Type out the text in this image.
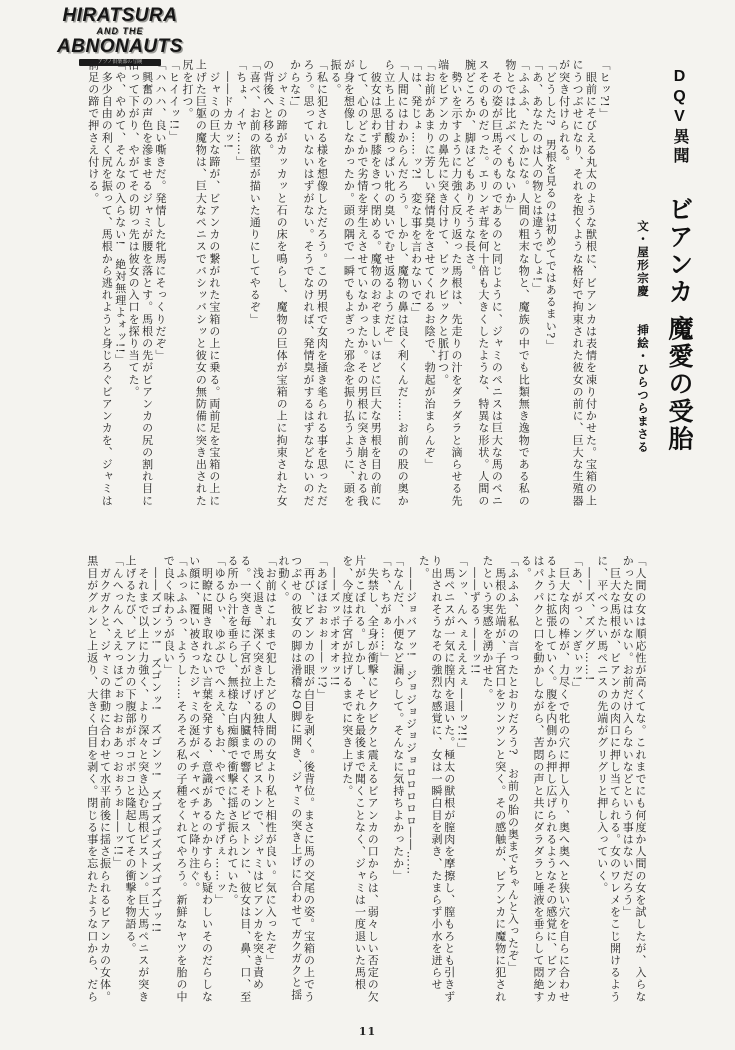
HIRATSURA
AND THE
ABNONAUTS
アブノ倶楽部の冒険

DQV異聞 ビアンカ 魔愛の受胎

文・屋形宗慶　　挿絵・ひらつらまさる

「ヒッ?!」

　眼前にそびえる丸太のような獣根に、ビアンカは表情を凍り付かせた。宝箱の上

にうつぶせになり、それを抱くような格好で拘束された彼女の前に、巨大な生殖器

が突き付けられる。

「どうした?　男根を見るのは初めてではあるまい?」

「あ、あなたのは人の物とは違うでしょ!」

「ふふふ、たしかにな。人間の粗末な物と、魔族の中でも比類無き逸物である私の

物とでは比ぶべくもないか」

　その姿が巨馬そのものであるのと同じように、ジャミのペニスは巨大な馬のペニ

スそのものだった。エリンギ茸を何十倍も大きくしたような、特異な形状。人間の

腕どころか、脚ほどもありそうな長さ。

　勢いを示すように力強く反り返った馬根は、先走りの汁をダラダラと滴らせる先

端をビアンカの鼻先に突き付けて、ビックビックと脈打つ。

「お前があまりに芳しい発情臭をさせてくれるお陰で、勃起が治まらんぞ」

「は、発じょ……ッ?!　変な事を言わないで!」

「人間にはわからんだろう。しかし、魔物の鼻は良く利くんだ……お前の股の奥か

ら立ち上る甘酸っぱい牝の臭いでむせ返るようだぞ」

　彼女は思わず膝をきつく閉める。魔物のおぞましいほどに巨大な男根を目の前に

して、心のどこかで劣情を芽生えさせていなかったか。その男根に突き崩される我

が身を想像しなかったか。頭の隅で一瞬でもよぎった邪念を振り払うように、頭を

振る。

「私に犯される様を想像しただろう。この男根で女肉を掻き毟られる事を思っただ

ろう。思っていないはずがない。そうでなければ、発情臭がするはずなどないのだ

からな!」

　ジャミの蹄がカッカッと石の床を鳴らし、魔物の巨体が宝箱の上に拘束された女

の背後へと移る。

「喜べ、お前の欲望が描いた通りにしてやるぞ」

「ちょ、イヤ……」

　――ドカカッ!

　ジャミの巨大な蹄が、ビアンカの繋がれた宝箱の上に乗る。両前足を宝箱の上に

上げた巨躯の魔物は、巨大なペニスでバシッバシッと彼女の無防備に突き出された

尻を打つ。

「ヒイイッ!!」

「ハハハ、良い嘶きだ。発情した牝馬にそっくりだぞ」

　興奮の声色を滲ませるジャミが腰を落とす。馬根の先がビアンカの尻の割れ目に

沿って下がり、やがてその切っ先は彼女の入口を探り当てた。

「や、やめて、そんなの入らない!　絶対無理よォッ!!」

　多少自由の利く尻を振って、馬根から逃れようと身じろぐビアンカを、ジャミは

前足の蹄で押さえ付ける。

「人間の女は順応性が高くてな。これまでにも何度か人間の女を試したが、入らな

かった女はいない。お前だけ入らないなどという事はないだろう」

　巨大な馬根が、ビアンカの肉口に押し当てられる。女のワレメをこじ開けるよう

に、平べったい馬ペニスの先端がグリグリと押し入っていく。

　――ズ、ズググ……!

「あ、がっ、ンぎぃッ!」

　巨大な肉の棒が、力尽くで牝の穴に押し入り、奥へ奥へと狭い穴を自らに合わせ

るように拡張していく。腹を内側から押し広げられるようなその感覚に、ビアンカ

はパクパクと口を動かしながら、苦悶の声と共にダラダラと唾液を垂らして悶絶す

る。

「ふふふ、私の言ったとおりだろう?　お前の胎の奥までちゃんと入ったぞ」

　馬根の先端が、子宮口をツンツンと突く。その感触が、ビアンカに魔物に犯され

たという実感を湧かせた。

　――ずるぅ――ッ!!

「ンッ、んへぇえええぇ――ッ?!!」

　馬ペニスが一気に膣内を退いた。極太の獣根が膣肉を摩擦し、膣もろとも引きず

り出されそうなその強烈な感覚に、女は一瞬白目を剥き、たまらず小水を迸らせ

た。

　――ジョバアッ!　ジョジョジョジョロロロロロ――……

「なんだ、小便など漏らして。そんなに気持ちよかったか」

「ち、ちがぁ……」

　失禁し、全身が衝撃にビクビクと震えるビアンカの口からは、弱々しい否定の欠

片がこぼれる。しかし、それを最後まで聞くことなく、ジャミは一度退いた馬根

を、今度は子宮が拉げるまでに突き上げた。

　――ズッポオオオッ!!

「あぼほおぉぉ――ッ!?」

　再び、ビアンカの眼が白目を剥く。後背位。まさに馬の交尾の姿。宝箱の上でう

つぶせの彼女の脚は滑稽なO脚に開き、ジャミの突き上げに合わせてガクガクと揺

れ動く。

「お前はこれまで犯したどの人間の女より私と相性が良い。気に入ったぞ」

　浅く退き、深く突き上げる独特の馬ピストンで、ジャミはビアンカを突き責め

る。一突き毎に子宮が拉げ、内臓まで響くそのピストンに、彼女は目、鼻、口、至

る所から汁を垂らし、無様な白痴顔で衝撃に揺さ振られていた。

「ゆるひぃ、ゆぶひでへぇえ、もお、やべで、たずげぇ……ッ」

　明瞭に聞き取れない言葉を発する、意識があるのかすらも疑わしいそのだらしな

い顔に、覆い被さったジャミの涎がベチャベチャと降り注ぐ。

「ふっふふっ、ようし……そろそろ私の子種をくれてやろう。新鮮なヤツを胎の中

で良く味わうが良い」

　――ズゴンッ!　ズゴンッ!　ズゴンッ!　ズゴズゴズゴズゴズゴッ!!

　それまで以上に力強く、より深々と突き込む馬根ピストン。巨大馬ペニスが突き

上げるたび、ビアンカの下腹部がボコボコと隆起してその衝撃を物語る。

「んへっんへええっほごぉっおぉあっおぉうぉ――ッ!!」

　ガクガクと、ジャミの律動に合わせて水平前後に揺さ振られるビアンカの女体。

黒目がグルンと上返り、大きく白目を剥く。閉じる事を忘れたような口から、だら

11
